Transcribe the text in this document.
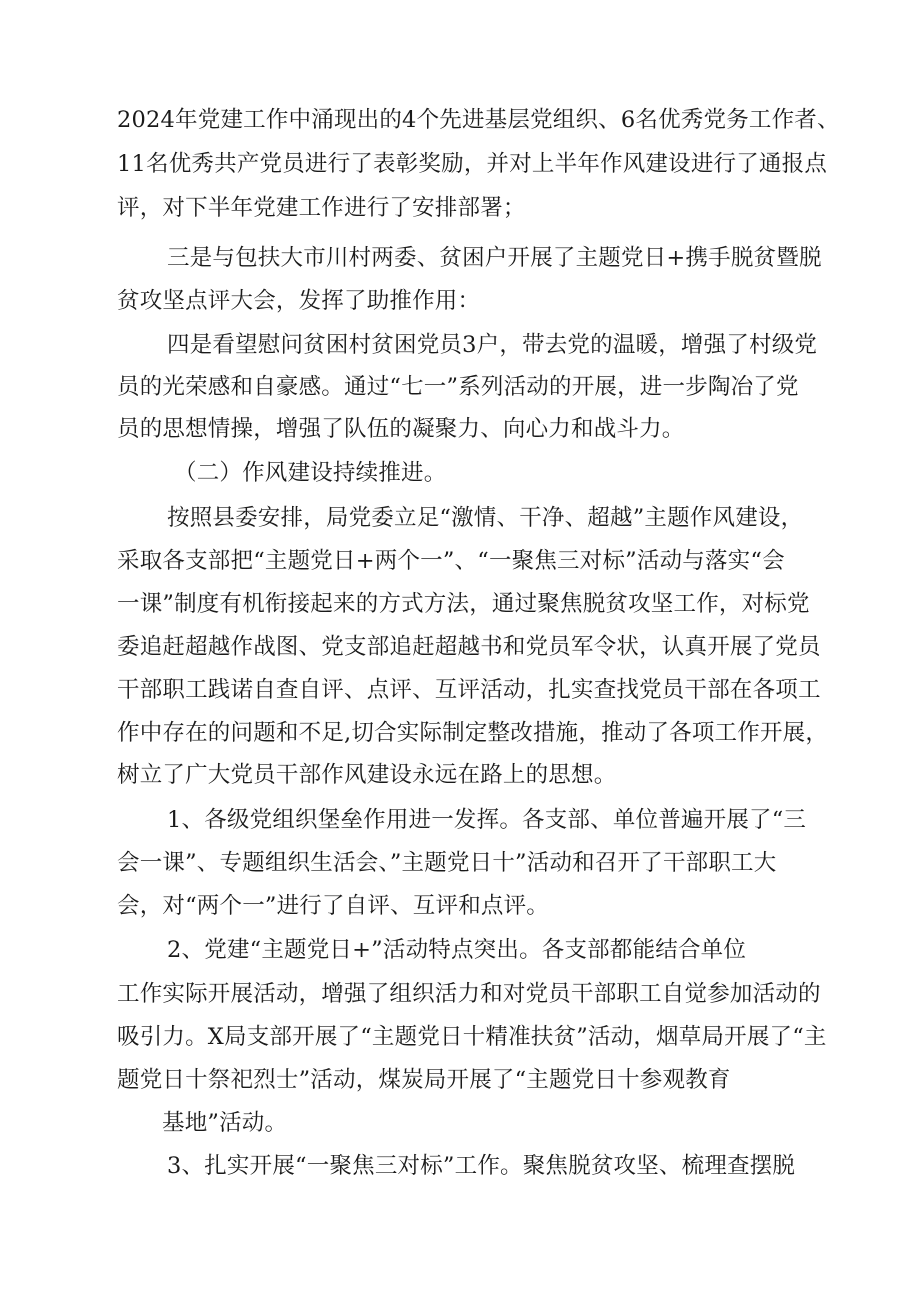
2024年党建工作中涌现出的4个先进基层党组织、6名优秀党务工作者、
11名优秀共产党员进行了表彰奖励，并对上半年作风建设进行了通报点
评，对下半年党建工作进行了安排部署；
三是与包扶大市川村两委、贫困户开展了主题党日+携手脱贫暨脱
贫攻坚点评大会，发挥了助推作用：
四是看望慰问贫困村贫困党员3户，带去党的温暖，增强了村级党
员的光荣感和自豪感。通过“七一”系列活动的开展，进一步陶冶了党
员的思想情操，增强了队伍的凝聚力、向心力和战斗力。
（二）作风建设持续推进。
按照县委安排，局党委立足“激情、干净、超越”主题作风建设，
采取各支部把“主题党日+两个一”、“一聚焦三对标”活动与落实“会
一课”制度有机衔接起来的方式方法，通过聚焦脱贫攻坚工作，对标党
委追赶超越作战图、党支部追赶超越书和党员军令状，认真开展了党员
干部职工践诺自查自评、点评、互评活动，扎实查找党员干部在各项工
作中存在的问题和不足,切合实际制定整改措施，推动了各项工作开展，
树立了广大党员干部作风建设永远在路上的思想。
1、各级党组织堡垒作用进一发挥。各支部、单位普遍开展了“三
会一课”、专题组织生活会、”主题党日十”活动和召开了干部职工大
会，对“两个一”进行了自评、互评和点评。
2、党建“主题党日+”活动特点突出。各支部都能结合单位
工作实际开展活动，增强了组织活力和对党员干部职工自觉参加活动的
吸引力。X局支部开展了“主题党日十精准扶贫”活动，烟草局开展了“主
题党日十祭祀烈士”活动，煤炭局开展了“主题党日十参观教育
基地”活动。
3、扎实开展“一聚焦三对标”工作。聚焦脱贫攻坚、梳理查摆脱
